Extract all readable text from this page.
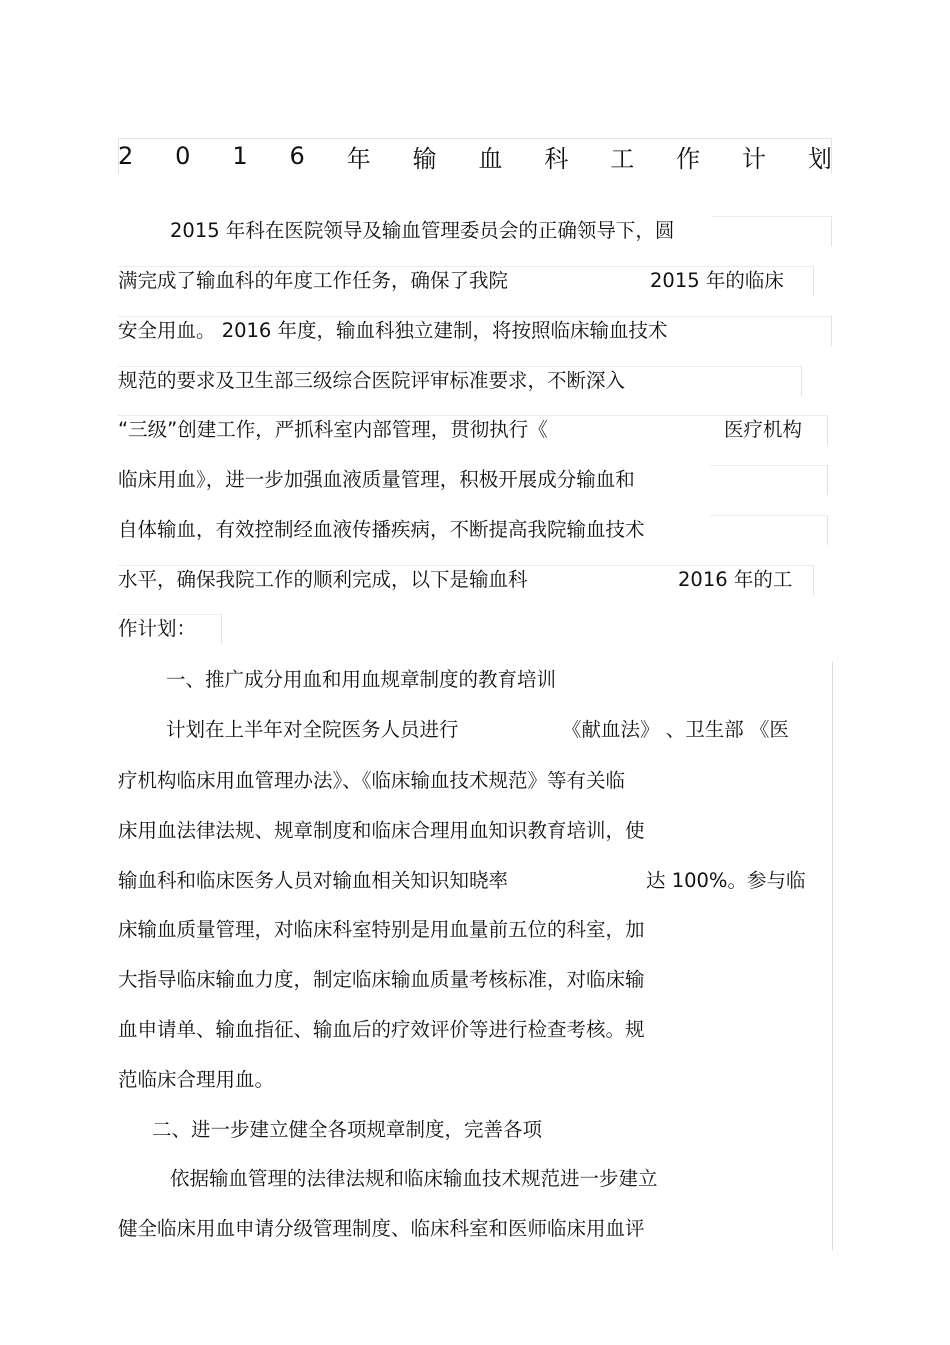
2 0 1 6 年 输 血 科 工 作 计 划
2015 年科在医院领导及输血管理委员会的正确领导下，圆
满完成了输血科的年度工作任务，确保了我院	2015 年的临床
安全用血。 2016 年度，输血科独立建制，将按照临床输血技术
规范的要求及卫生部三级综合医院评审标准要求，不断深入
“三级”创建工作，严抓科室内部管理，贯彻执行《	医疗机构
临床用血》，进一步加强血液质量管理，积极开展成分输血和
自体输血，有效控制经血液传播疾病，不断提高我院输血技术
水平，确保我院工作的顺利完成，以下是输血科	2016 年的工
作计划：
一、推广成分用血和用血规章制度的教育培训
计划在上半年对全院医务人员进行	《献血法》 、卫生部 《医
疗机构临床用血管理办法》、《临床输血技术规范》等有关临
床用血法律法规、规章制度和临床合理用血知识教育培训，使
输血科和临床医务人员对输血相关知识知晓率	达 100%。参与临
床输血质量管理，对临床科室特别是用血量前五位的科室，加
大指导临床输血力度，制定临床输血质量考核标准，对临床输
血申请单、输血指征、输血后的疗效评价等进行检查考核。规
范临床合理用血。
二、进一步建立健全各项规章制度，完善各项
依据输血管理的法律法规和临床输血技术规范进一步建立
健全临床用血申请分级管理制度、临床科室和医师临床用血评
